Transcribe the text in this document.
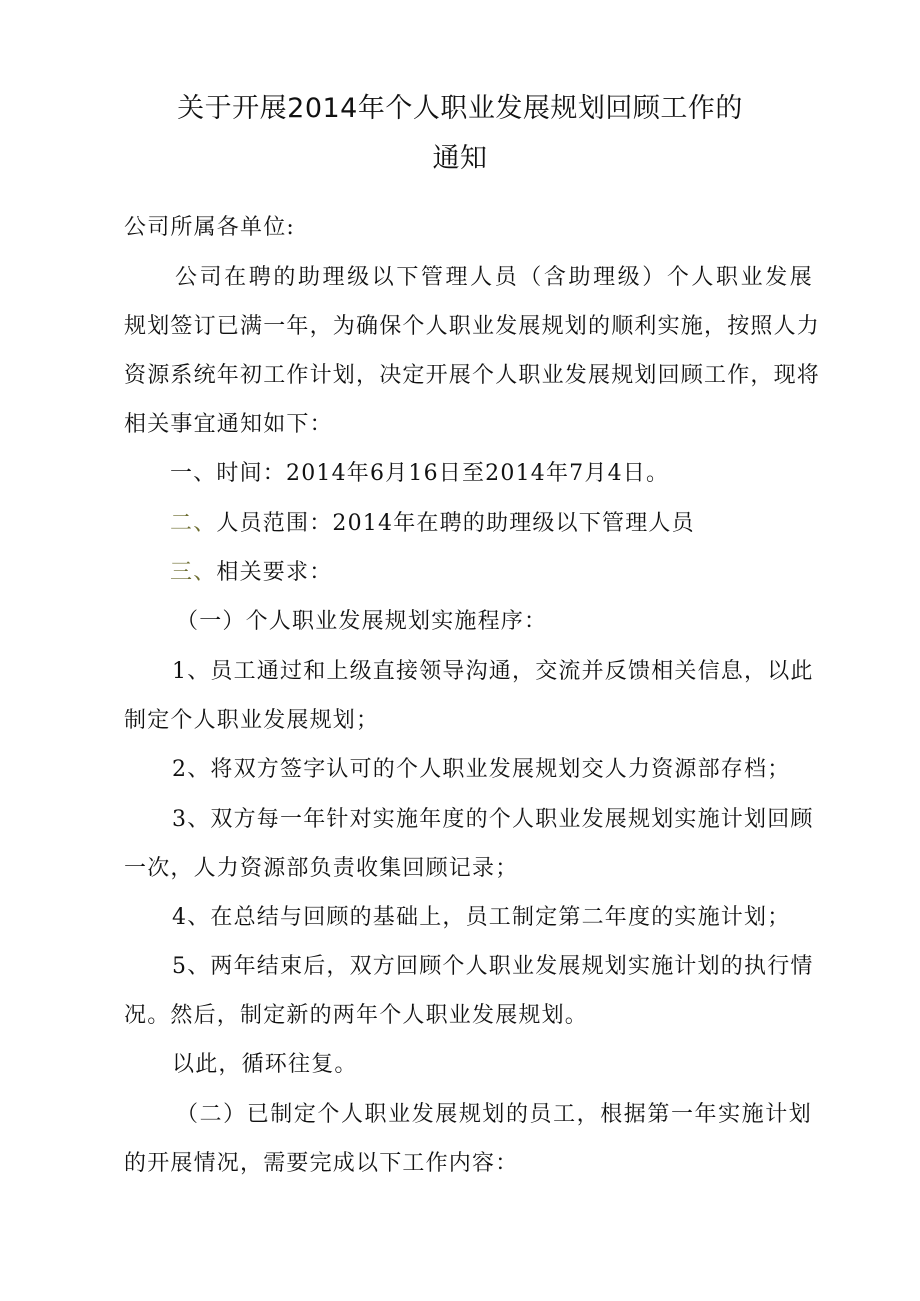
关于开展2014年个人职业发展规划回顾工作的
通知
公司所属各单位:
公司在聘的助理级以下管理人员（含助理级）个人职业发展
规划签订已满一年，为确保个人职业发展规划的顺利实施，按照人力
资源系统年初工作计划，决定开展个人职业发展规划回顾工作，现将
相关事宜通知如下：
一、时间：2014年6月16日至2014年7月4日。
二、人员范围：2014年在聘的助理级以下管理人员
三、相关要求：
（一）个人职业发展规划实施程序：
1、员工通过和上级直接领导沟通，交流并反馈相关信息，以此
制定个人职业发展规划；
2、将双方签字认可的个人职业发展规划交人力资源部存档；
3、双方每一年针对实施年度的个人职业发展规划实施计划回顾
一次，人力资源部负责收集回顾记录；
4、在总结与回顾的基础上，员工制定第二年度的实施计划；
5、两年结束后，双方回顾个人职业发展规划实施计划的执行情
况。然后，制定新的两年个人职业发展规划。
以此，循环往复。
（二）已制定个人职业发展规划的员工，根据第一年实施计划
的开展情况，需要完成以下工作内容：
